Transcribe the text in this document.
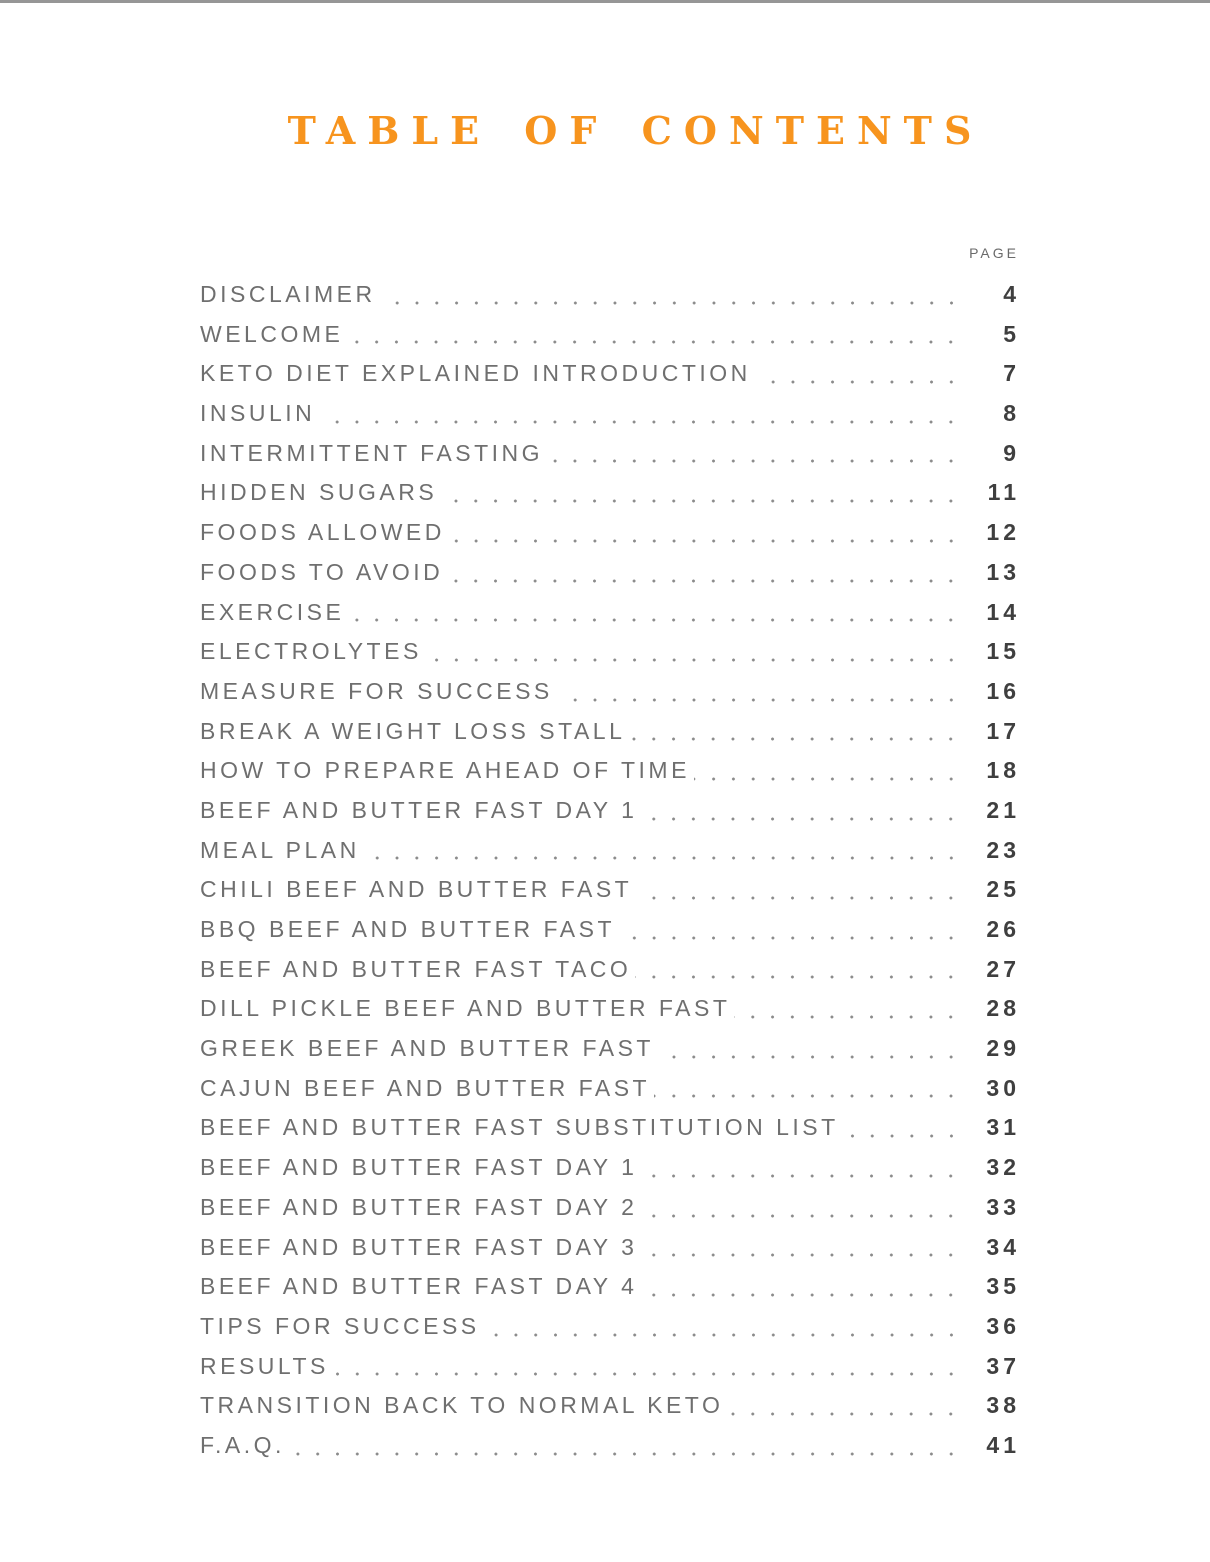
TABLE OF CONTENTS
PAGE
DISCLAIMER	4
WELCOME	5
KETO DIET EXPLAINED INTRODUCTION	7
INSULIN	8
INTERMITTENT FASTING	9
HIDDEN SUGARS	11
FOODS ALLOWED	12
FOODS TO AVOID	13
EXERCISE	14
ELECTROLYTES	15
MEASURE FOR SUCCESS	16
BREAK A WEIGHT LOSS STALL	17
HOW TO PREPARE AHEAD OF TIME	18
BEEF AND BUTTER FAST DAY 1	21
MEAL PLAN	23
CHILI BEEF AND BUTTER FAST	25
BBQ BEEF AND BUTTER FAST	26
BEEF AND BUTTER FAST TACO	27
DILL PICKLE BEEF AND BUTTER FAST	28
GREEK BEEF AND BUTTER FAST	29
CAJUN BEEF AND BUTTER FAST	30
BEEF AND BUTTER FAST SUBSTITUTION LIST	31
BEEF AND BUTTER FAST DAY 1	32
BEEF AND BUTTER FAST DAY 2	33
BEEF AND BUTTER FAST DAY 3	34
BEEF AND BUTTER FAST DAY 4	35
TIPS FOR SUCCESS	36
RESULTS	37
TRANSITION BACK TO NORMAL KETO	38
F.A.Q.	41
